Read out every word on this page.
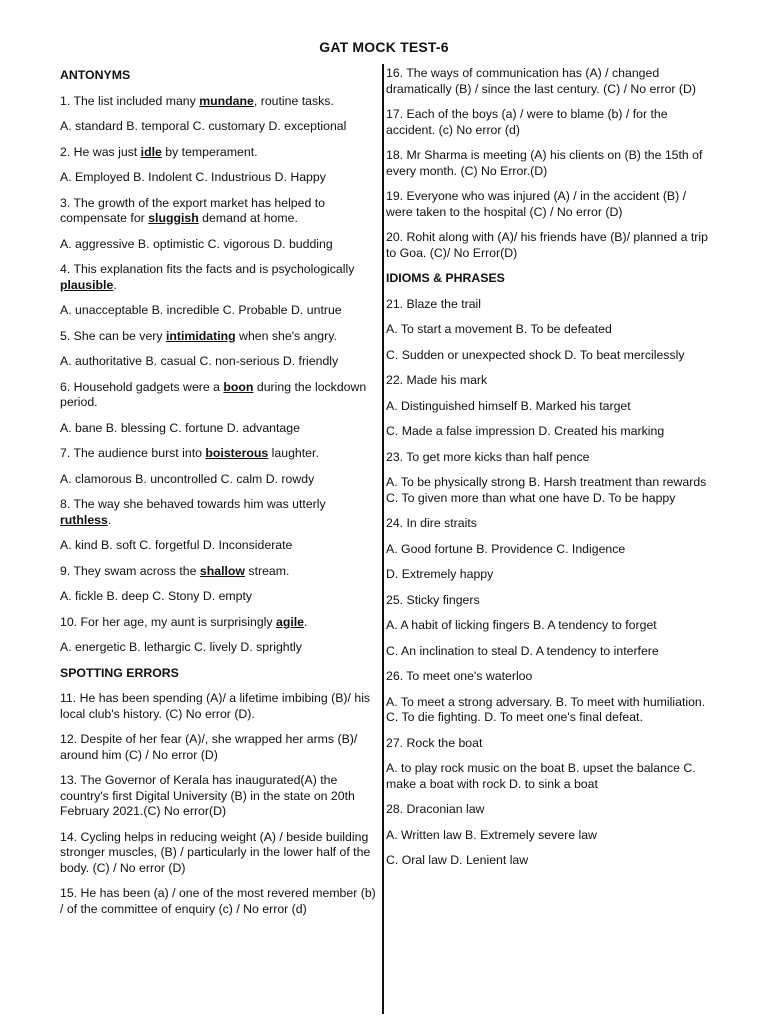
GAT MOCK TEST-6
ANTONYMS
1. The list included many mundane, routine tasks.
A. standard B. temporal C. customary D. exceptional
2. He was just idle by temperament.
A. Employed B. Indolent C. Industrious D. Happy
3. The growth of the export market has helped to compensate for sluggish demand at home.
A. aggressive B. optimistic C. vigorous D. budding
4. This explanation fits the facts and is psychologically plausible.
A. unacceptable B. incredible C. Probable D. untrue
5. She can be very intimidating when she's angry.
A. authoritative B. casual C. non-serious D. friendly
6. Household gadgets were a boon during the lockdown period.
A. bane B. blessing C. fortune D. advantage
7. The audience burst into boisterous laughter.
A. clamorous B. uncontrolled C. calm D. rowdy
8. The way she behaved towards him was utterly ruthless.
A. kind B. soft C. forgetful D. Inconsiderate
9. They swam across the shallow stream.
A. fickle B. deep C. Stony D. empty
10. For her age, my aunt is surprisingly agile.
A. energetic B. lethargic C. lively D. sprightly
SPOTTING ERRORS
11. He has been spending (A)/ a lifetime imbibing (B)/ his local club's history. (C) No error (D).
12. Despite of her fear (A)/, she wrapped her arms (B)/ around him (C) / No error (D)
13. The Governor of Kerala has inaugurated(A) the country's first Digital University (B) in the state on 20th February 2021.(C) No error(D)
14. Cycling helps in reducing weight (A) / beside building stronger muscles, (B) / particularly in the lower half of the body. (C) / No error (D)
15. He has been (a) / one of the most revered member (b) / of the committee of enquiry (c) / No error (d)
16. The ways of communication has (A) / changed dramatically (B) / since the last century. (C) / No error (D)
17. Each of the boys (a) / were to blame (b) / for the accident. (c) No error (d)
18. Mr Sharma is meeting (A) his clients on (B) the 15th of every month. (C) No Error.(D)
19. Everyone who was injured (A) / in the accident (B) / were taken to the hospital (C) / No error (D)
20. Rohit along with (A)/ his friends have (B)/ planned a trip to Goa. (C)/ No Error(D)
IDIOMS & PHRASES
21. Blaze the trail
A. To start a movement B. To be defeated
C. Sudden or unexpected shock D. To beat mercilessly
22. Made his mark
A. Distinguished himself B. Marked his target
C. Made a false impression D. Created his marking
23. To get more kicks than half pence
A. To be physically strong B. Harsh treatment than rewards C. To given more than what one have D. To be happy
24. In dire straits
A. Good fortune B. Providence C. Indigence
D. Extremely happy
25. Sticky fingers
A. A habit of licking fingers B. A tendency to forget
C. An inclination to steal D. A tendency to interfere
26. To meet one's waterloo
A. To meet a strong adversary. B. To meet with humiliation. C. To die fighting. D. To meet one's final defeat.
27. Rock the boat
A. to play rock music on the boat B. upset the balance C. make a boat with rock D. to sink a boat
28. Draconian law
A. Written law B. Extremely severe law
C. Oral law D. Lenient law
